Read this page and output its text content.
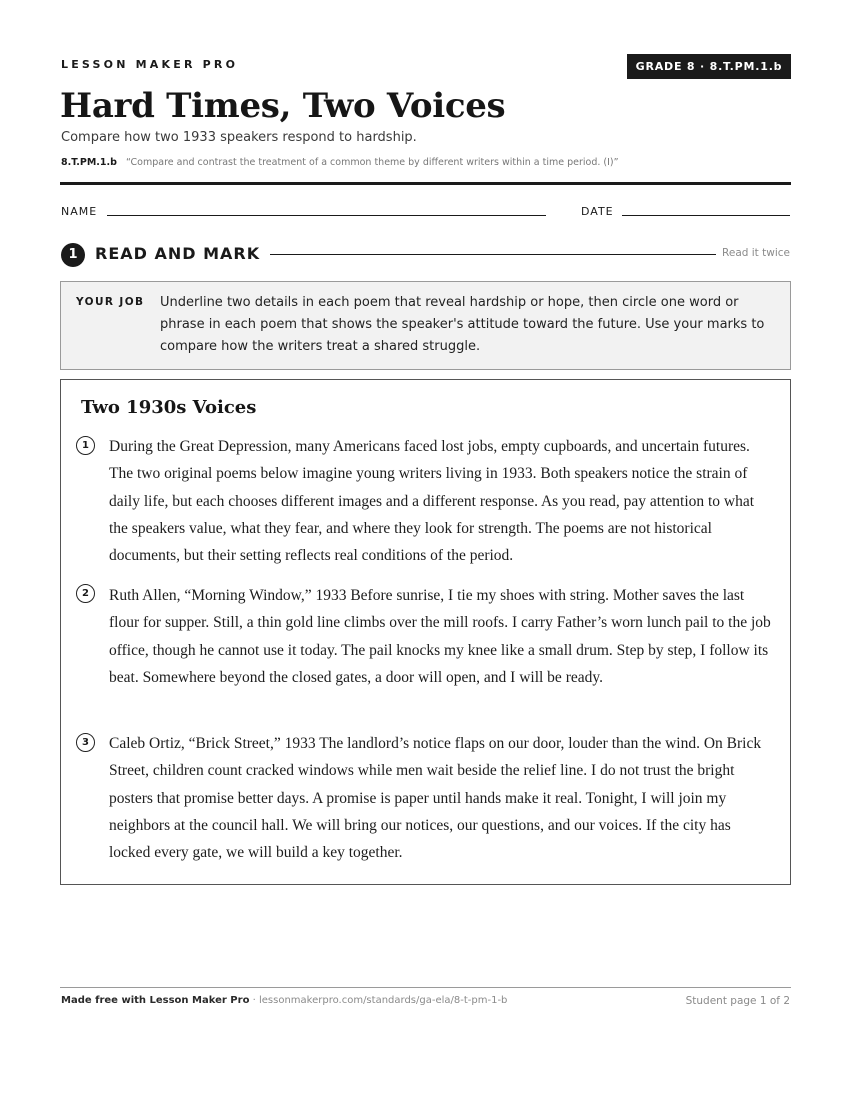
LESSON MAKER PRO	GRADE 8 · 8.T.PM.1.b
Hard Times, Two Voices
Compare how two 1933 speakers respond to hardship.
8.T.PM.1.b “Compare and contrast the treatment of a common theme by different writers within a time period. (I)”
NAME	DATE
1	READ AND MARK	Read it twice
YOUR JOB Underline two details in each poem that reveal hardship or hope, then circle one word or phrase in each poem that shows the speaker's attitude toward the future. Use your marks to compare how the writers treat a shared struggle.
Two 1930s Voices
1	During the Great Depression, many Americans faced lost jobs, empty cupboards, and uncertain futures. The two original poems below imagine young writers living in 1933. Both speakers notice the strain of daily life, but each chooses different images and a different response. As you read, pay attention to what the speakers value, what they fear, and where they look for strength. The poems are not historical documents, but their setting reflects real conditions of the period.
2	Ruth Allen, “Morning Window,” 1933 Before sunrise, I tie my shoes with string. Mother saves the last flour for supper. Still, a thin gold line climbs over the mill roofs. I carry Father’s worn lunch pail to the job office, though he cannot use it today. The pail knocks my knee like a small drum. Step by step, I follow its beat. Somewhere beyond the closed gates, a door will open, and I will be ready.
3	Caleb Ortiz, “Brick Street,” 1933 The landlord’s notice flaps on our door, louder than the wind. On Brick Street, children count cracked windows while men wait beside the relief line. I do not trust the bright posters that promise better days. A promise is paper until hands make it real. Tonight, I will join my neighbors at the council hall. We will bring our notices, our questions, and our voices. If the city has locked every gate, we will build a key together.
Made free with Lesson Maker Pro · lessonmakerpro.com/standards/ga-ela/8-t-pm-1-b	Student page 1 of 2
